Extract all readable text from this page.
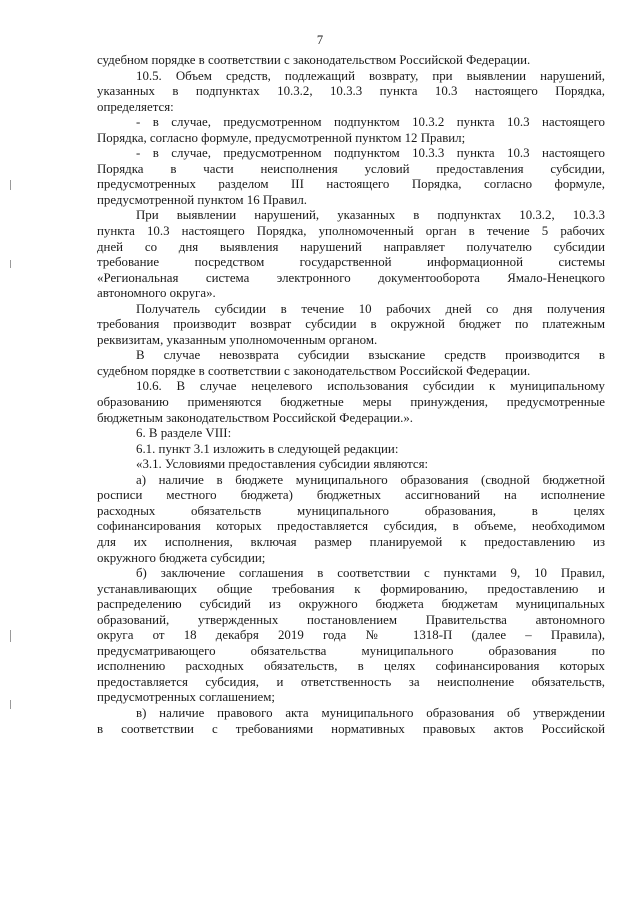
7
судебном порядке в соответствии с законодательством Российской Федерации.
10.5. Объем средств, подлежащий возврату, при выявлении нарушений,
указанных в подпунктах 10.3.2, 10.3.3 пункта 10.3 настоящего Порядка,
определяется:
- в случае, предусмотренном подпунктом 10.3.2 пункта 10.3 настоящего
Порядка, согласно формуле, предусмотренной пунктом 12 Правил;
- в случае, предусмотренном подпунктом 10.3.3 пункта 10.3 настоящего
Порядка в части неисполнения условий предоставления субсидии,
предусмотренных разделом III настоящего Порядка, согласно формуле,
предусмотренной пунктом 16 Правил.
При выявлении нарушений, указанных в подпунктах 10.3.2, 10.3.3
пункта 10.3 настоящего Порядка, уполномоченный орган в течение 5 рабочих
дней со дня выявления нарушений направляет получателю субсидии
требование посредством государственной информационной системы
«Региональная система электронного документооборота Ямало-Ненецкого
автономного округа».
Получатель субсидии в течение 10 рабочих дней со дня получения
требования производит возврат субсидии в окружной бюджет по платежным
реквизитам, указанным уполномоченным органом.
В случае невозврата субсидии взыскание средств производится в
судебном порядке в соответствии с законодательством Российской Федерации.
10.6. В случае нецелевого использования субсидии к муниципальному
образованию применяются бюджетные меры принуждения, предусмотренные
бюджетным законодательством Российской Федерации.».
6. В разделе VIII:
6.1. пункт 3.1 изложить в следующей редакции:
«3.1. Условиями предоставления субсидии являются:
а) наличие в бюджете муниципального образования (сводной бюджетной
росписи местного бюджета) бюджетных ассигнований на исполнение
расходных обязательств муниципального образования, в целях
софинансирования которых предоставляется субсидия, в объеме, необходимом
для их исполнения, включая размер планируемой к предоставлению из
окружного бюджета субсидии;
б) заключение соглашения в соответствии с пунктами 9, 10 Правил,
устанавливающих общие требования к формированию, предоставлению и
распределению субсидий из окружного бюджета бюджетам муниципальных
образований, утвержденных постановлением Правительства автономного
округа от 18 декабря 2019 года № 1318-П (далее – Правила),
предусматривающего обязательства муниципального образования по
исполнению расходных обязательств, в целях софинансирования которых
предоставляется субсидия, и ответственность за неисполнение обязательств,
предусмотренных соглашением;
в) наличие правового акта муниципального образования об утверждении
в соответствии с требованиями нормативных правовых актов Российской
